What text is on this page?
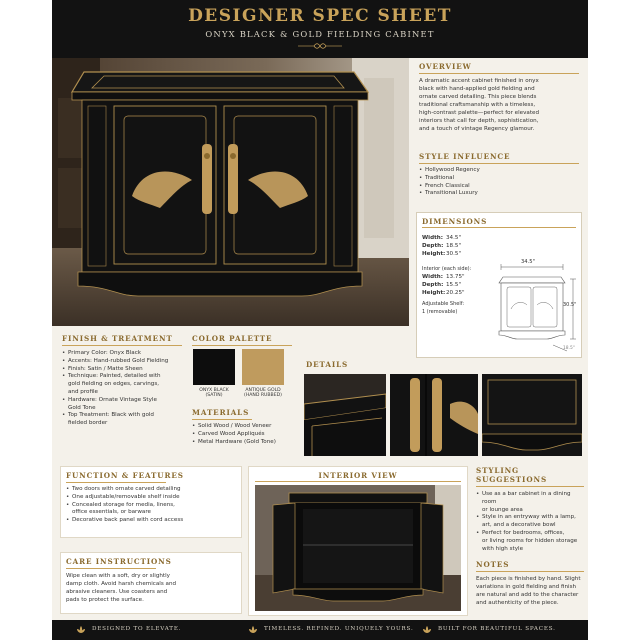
DESIGNER SPEC SHEET
ONYX BLACK & GOLD FIELDING CABINET
OVERVIEW
A dramatic accent cabinet finished in onyx
black with hand-applied gold fielding and
ornate carved detailing. This piece blends
traditional craftsmanship with a timeless,
high-contrast palette—perfect for elevated
interiors that call for depth, sophistication,
and a touch of vintage Regency glamour.
STYLE INFLUENCE
• Hollywood Regency
• Traditional
• French Classical
• Transitional Luxury
DIMENSIONS
Width: 34.5"
Depth: 18.5"
Height:30.5"
Interior (each side):
Width: 13.75"
Depth: 15.5"
Height:20.25"
Adjustable Shelf:
1 (removable)
34.5"
30.5"
18.5"
FINISH & TREATMENT
• Primary Color: Onyx Black
• Accents: Hand-rubbed Gold Fielding
• Finish: Satin / Matte Sheen
• Technique: Painted, detailed with
gold fielding on edges, carvings,
and profile
• Hardware: Ornate Vintage Style
Gold Tone
• Top Treatment: Black with gold
fielded border
COLOR PALETTE
ONYX BLACK
(SATIN)
ANTIQUE GOLD
(HAND RUBBED)
MATERIALS
• Solid Wood / Wood Veneer
• Carved Wood Appliqués
• Metal Hardware (Gold Tone)
DETAILS
FUNCTION & FEATURES
• Two doors with ornate carved detailing
• One adjustable/removable shelf inside
• Concealed storage for media, linens,
office essentials, or barware
• Decorative back panel with cord access
CARE INSTRUCTIONS
Wipe clean with a soft, dry or slightly
damp cloth. Avoid harsh chemicals and
abrasive cleaners. Use coasters and
pads to protect the surface.
INTERIOR VIEW
STYLING SUGGESTIONS
• Use as a bar cabinet in a dining room
or lounge area
• Style in an entryway with a lamp,
art, and a decorative bowl
• Perfect for bedrooms, offices,
or living rooms for hidden storage
with high style
NOTES
Each piece is finished by hand. Slight
variations in gold fielding and finish
are natural and add to the character
and authenticity of the piece.
DESIGNED TO ELEVATE.	TIMELESS. REFINED. UNIQUELY YOURS.	BUILT FOR BEAUTIFUL SPACES.
